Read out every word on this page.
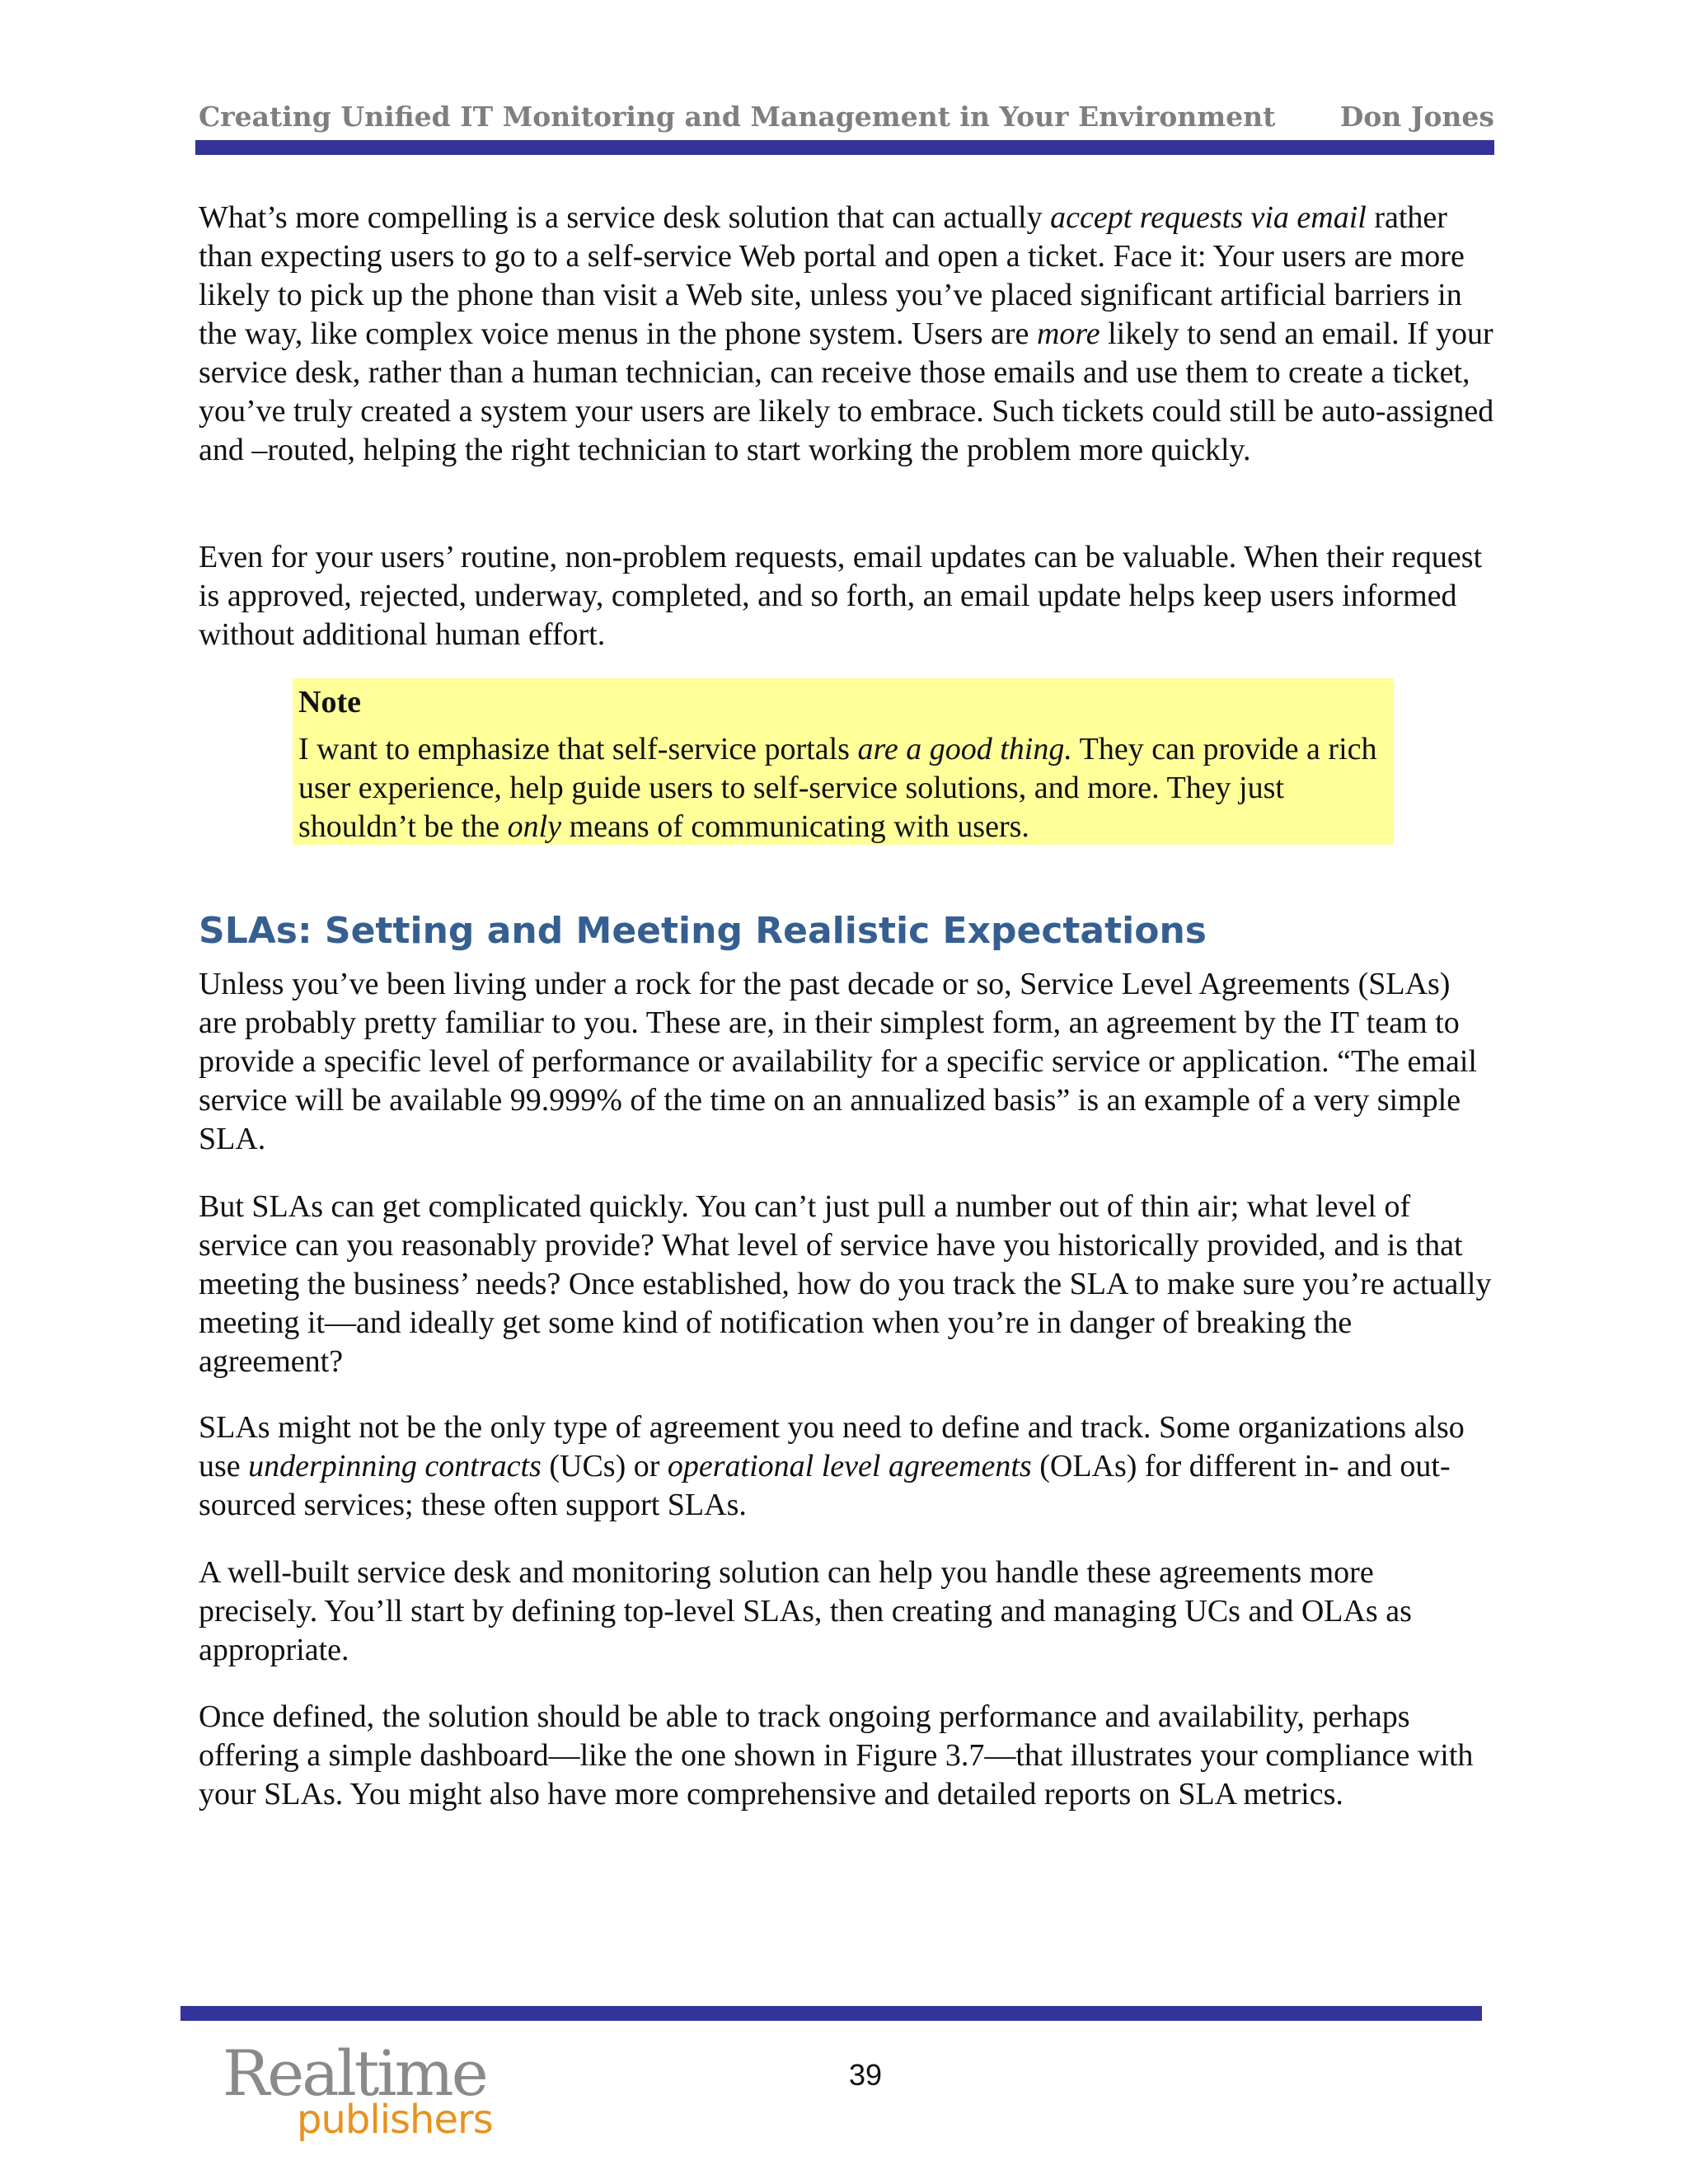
Creating Unified IT Monitoring and Management in Your Environment Don Jones

What’s more compelling is a service desk solution that can actually accept requests via email rather than expecting users to go to a self-service Web portal and open a ticket. Face it: Your users are more likely to pick up the phone than visit a Web site, unless you’ve placed significant artificial barriers in the way, like complex voice menus in the phone system. Users are more likely to send an email. If your service desk, rather than a human technician, can receive those emails and use them to create a ticket, you’ve truly created a system your users are likely to embrace. Such tickets could still be auto-assigned and –routed, helping the right technician to start working the problem more quickly.

Even for your users’ routine, non-problem requests, email updates can be valuable. When their request is approved, rejected, underway, completed, and so forth, an email update helps keep users informed without additional human effort.

Note
I want to emphasize that self-service portals are a good thing. They can provide a rich user experience, help guide users to self-service solutions, and more. They just shouldn’t be the only means of communicating with users.
SLAs: Setting and Meeting Realistic Expectations

Unless you’ve been living under a rock for the past decade or so, Service Level Agreements (SLAs) are probably pretty familiar to you. These are, in their simplest form, an agreement by the IT team to provide a specific level of performance or availability for a specific service or application. “The email service will be available 99.999% of the time on an annualized basis” is an example of a very simple SLA.

But SLAs can get complicated quickly. You can’t just pull a number out of thin air; what level of service can you reasonably provide? What level of service have you historically provided, and is that meeting the business’ needs? Once established, how do you track the SLA to make sure you’re actually meeting it—and ideally get some kind of notification when you’re in danger of breaking the agreement?

SLAs might not be the only type of agreement you need to define and track. Some organizations also use underpinning contracts (UCs) or operational level agreements (OLAs) for different in- and out-sourced services; these often support SLAs.

A well-built service desk and monitoring solution can help you handle these agreements more precisely. You’ll start by defining top-level SLAs, then creating and managing UCs and OLAs as appropriate.

Once defined, the solution should be able to track ongoing performance and availability, perhaps offering a simple dashboard—like the one shown in Figure 3.7—that illustrates your compliance with your SLAs. You might also have more comprehensive and detailed reports on SLA metrics.

Realtime
publishers
39
